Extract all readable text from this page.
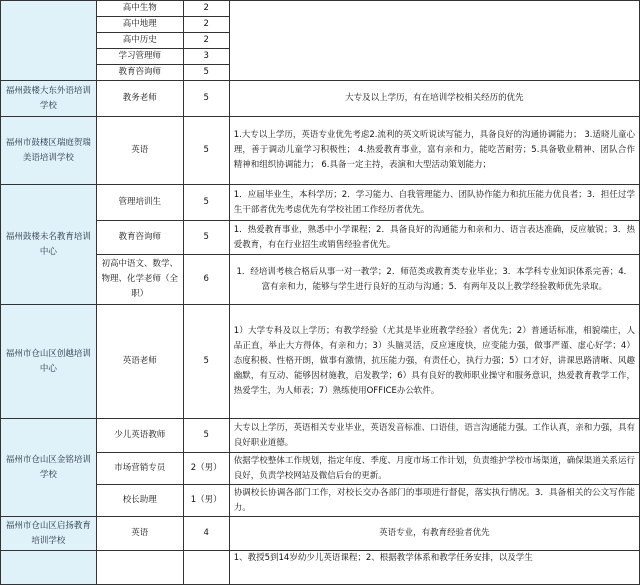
	高中生物	2	
	高中地理	2	
	高中历史	2	
	学习管理师	3	
	教育咨询师	5	
福州鼓楼大东外语培训学校	教务老师	5	大专及以上学历，有在培训学校相关经历的优先
福州市鼓楼区瑞庭贺瑞美语培训学校	英语	5	1.大专以上学历，英语专业优先考虑2.流利的英文听说读写能力，具备良好的沟通协调能力； 3.适晓儿童心理，善于调动儿童学习积极性； 4.热爱教育事业，富有亲和力，能吃苦耐劳；5.具备敬业精神、团队合作精神和组织协调能力； 6.具备一定主持，表演和大型活动策划能力；
福州鼓楼未名教育培训中心	管理培训生	5	1．应届毕业生，本科学历；2．学习能力、自我管理能力、团队协作能力和抗压能力优良者；3．担任过学生干部者优先考虑优先有学校社团工作经历者优先。
	教育咨询师	5	1．热爱教育事业，熟悉中小学课程；2．具备良好的沟通能力和亲和力、语言表达准确，反应敏锐；3．热爱教育，有在行业招生或销售经验者优先。
	初高中语文、数学、物理、化学老师（全职）	6	1．经培训考核合格后从事一对一教学；2．师范类或教育类专业毕业；3．本学科专业知识体系完善；4．富有亲和力，能够与学生进行良好的互动与沟通；5．有两年及以上教学经验教师优先录取。
福州市仓山区创越培训中心	英语老师	5	1）大学专科及以上学历；有教学经验（尤其是毕业班教学经验）者优先；2）普通话标准，相貌端庄，人品正直，举止大方得体，有亲和力；3）头脑灵活，反应速度快，应变能力强，做事严谨、虚心好学；4）态度积极、性格开朗，做事有激情，抗压能力强，有责任心，执行力强；5）口才好，讲课思路清晰、风趣幽默，有互动、能够因材施教，启发教学；6）具有良好的教师职业操守和服务意识，热爱教育教学工作，热爱学生，为人师表；7）熟练使用OFFICE办公软件。
福州市仓山区金铭培训学校	少儿英语教师	5	大专以上学历，英语相关专业毕业，英语发音标准、口语佳，语言沟通能力强。工作认真，亲和力强，具有良好职业道德。
	市场营销专员	2（男）	依据学校整体工作规划，指定年度、季度、月度市场工作计划，负责维护学校市场渠道，确保渠道关系运行良好，负责学校网站及微信后台的更新。
	校长助理	1（男）	协调校长协调各部门工作，对校长交办各部门的事项进行督促，落实执行情况。3．具备相关的公文写作能力。
福州市仓山区启扬教育培训学校	英语	4	英语专业，有教育经验者优先
			1、教授5到14岁幼少儿英语课程；2、根据教学体系和教学任务安排，以及学生
